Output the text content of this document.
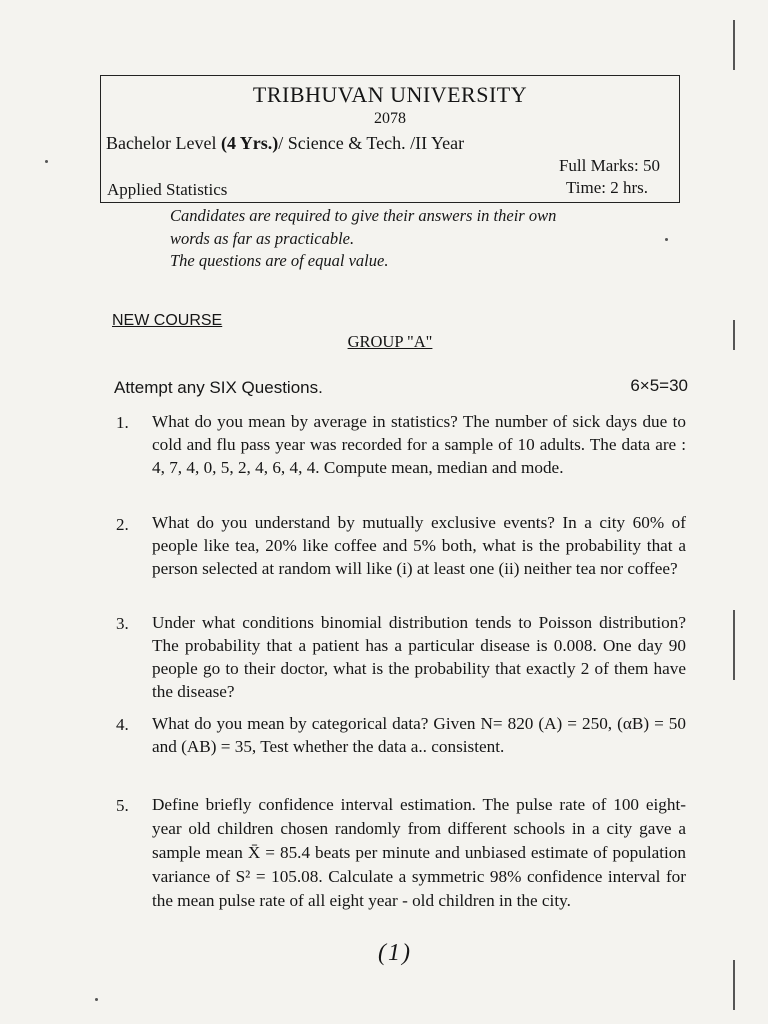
TRIBHUVAN UNIVERSITY
2078
Bachelor Level (4 Yrs.)/ Science & Tech. /II Year
Full Marks: 50
Applied Statistics	Time: 2 hrs.
Candidates are required to give their answers in their own
words as far as practicable.
The questions are of equal value.
NEW COURSE
GROUP "A"
Attempt any SIX Questions.	6×5=30
1. What do you mean by average in statistics? The number of sick days due to cold and flu pass year was recorded for a sample of 10 adults. The data are : 4, 7, 4, 0, 5, 2, 4, 6, 4, 4. Compute mean, median and mode.
2. What do you understand by mutually exclusive events? In a city 60% of people like tea, 20% like coffee and 5% both, what is the probability that a person selected at random will like (i) at least one (ii) neither tea nor coffee?
3. Under what conditions binomial distribution tends to Poisson distribution? The probability that a patient has a particular disease is 0.008. One day 90 people go to their doctor, what is the probability that exactly 2 of them have the disease?
4. What do you mean by categorical data? Given N= 820 (A) = 250, (αB) = 50 and (AB) = 35, Test whether the data a.. consistent.
5. Define briefly confidence interval estimation. The pulse rate of 100 eight-year old children chosen randomly from different schools in a city gave a sample mean X̄ = 85.4 beats per minute and unbiased estimate of population variance of S² = 105.08. Calculate a symmetric 98% confidence interval for the mean pulse rate of all eight year - old children in the city.
(1)
